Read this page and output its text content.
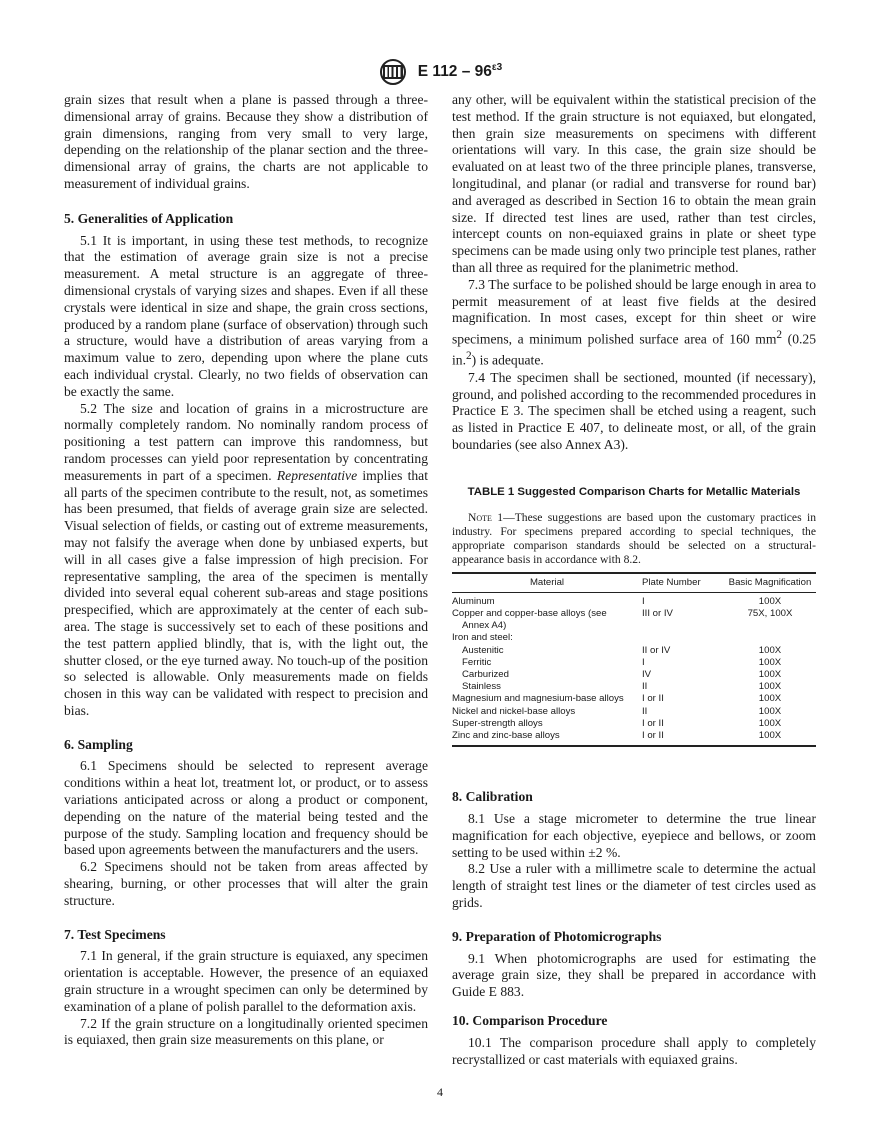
E $112 - 96^{\varepsilon 3}$

grain sizes that result when a plane is passed through a three-dimensional array of grains. Because they show a distribution of grain dimensions, ranging from very small to very large, depending on the relationship of the planar section and the three-dimensional array of grains, the charts are not applicable to measurement of individual grains.

5. Generalities of Application

5.1 It is important, in using these test methods, to recognize that the estimation of average grain size is not a precise measurement. A metal structure is an aggregate of three-dimensional crystals of varying sizes and shapes. Even if all these crystals were identical in size and shape, the grain cross sections, produced by a random plane (surface of observation) through such a structure, would have a distribution of areas varying from a maximum value to zero, depending upon where the plane cuts each individual crystal. Clearly, no two fields of observation can be exactly the same.

5.2 The size and location of grains in a microstructure are normally completely random. No nominally random process of positioning a test pattern can improve this randomness, but random processes can yield poor representation by concentrating measurements in part of a specimen. Representative implies that all parts of the specimen contribute to the result, not, as sometimes has been presumed, that fields of average grain size are selected. Visual selection of fields, or casting out of extreme measurements, may not falsify the average when done by unbiased experts, but will in all cases give a false impression of high precision. For representative sampling, the area of the specimen is mentally divided into several equal coherent sub-areas and stage positions prespecified, which are approximately at the center of each sub-area. The stage is successively set to each of these positions and the test pattern applied blindly, that is, with the light out, the shutter closed, or the eye turned away. No touch-up of the position so selected is allowable. Only measurements made on fields chosen in this way can be validated with respect to precision and bias.

6. Sampling

6.1 Specimens should be selected to represent average conditions within a heat lot, treatment lot, or product, or to assess variations anticipated across or along a product or component, depending on the nature of the material being tested and the purpose of the study. Sampling location and frequency should be based upon agreements between the manufacturers and the users.

6.2 Specimens should not be taken from areas affected by shearing, burning, or other processes that will alter the grain structure.

7. Test Specimens

7.1 In general, if the grain structure is equiaxed, any specimen orientation is acceptable. However, the presence of an equiaxed grain structure in a wrought specimen can only be determined by examination of a plane of polish parallel to the deformation axis.

7.2 If the grain structure on a longitudinally oriented specimen is equiaxed, then grain size measurements on this plane, or

any other, will be equivalent within the statistical precision of the test method. If the grain structure is not equiaxed, but elongated, then grain size measurements on specimens with different orientations will vary. In this case, the grain size should be evaluated on at least two of the three principle planes, transverse, longitudinal, and planar (or radial and transverse for round bar) and averaged as described in Section 16 to obtain the mean grain size. If directed test lines are used, rather than test circles, intercept counts on non-equiaxed grains in plate or sheet type specimens can be made using only two principle test planes, rather than all three as required for the planimetric method.

7.3 The surface to be polished should be large enough in area to permit measurement of at least five fields at the desired magnification. In most cases, except for thin sheet or wire specimens, a minimum polished surface area of 160 $mm^2$ (0.25 in.$^2$) is adequate.

7.4 The specimen shall be sectioned, mounted (if necessary), ground, and polished according to the recommended procedures in Practice E 3. The specimen shall be etched using a reagent, such as listed in Practice E 407, to delineate most, or all, of the grain boundaries (see also Annex A3).

TABLE 1 Suggested Comparison Charts for Metallic Materials

Note 1—These suggestions are based upon the customary practices in industry. For specimens prepared according to special techniques, the appropriate comparison standards should be selected on a structural-appearance basis in accordance with 8.2.

Material	Plate Number	Basic Magnification
Aluminum	I	100X
Copper and copper-base alloys (see
Annex A4)	III or IV	75X, 100X
Iron and steel:		
Austenitic	II or IV	100X
Ferritic	I	100X
Carburized	IV	100X
Stainless	II	100X
Magnesium and magnesium-base alloys	I or II	100X
Nickel and nickel-base alloys	II	100X
Super-strength alloys	I or II	100X
Zinc and zinc-base alloys	I or II	100X
8. Calibration

8.1 Use a stage micrometer to determine the true linear magnification for each objective, eyepiece and bellows, or zoom setting to be used within ±2 %.

8.2 Use a ruler with a millimetre scale to determine the actual length of straight test lines or the diameter of test circles used as grids.

9. Preparation of Photomicrographs

9.1 When photomicrographs are used for estimating the average grain size, they shall be prepared in accordance with Guide E 883.

10. Comparison Procedure

10.1 The comparison procedure shall apply to completely recrystallized or cast materials with equiaxed grains.

4
